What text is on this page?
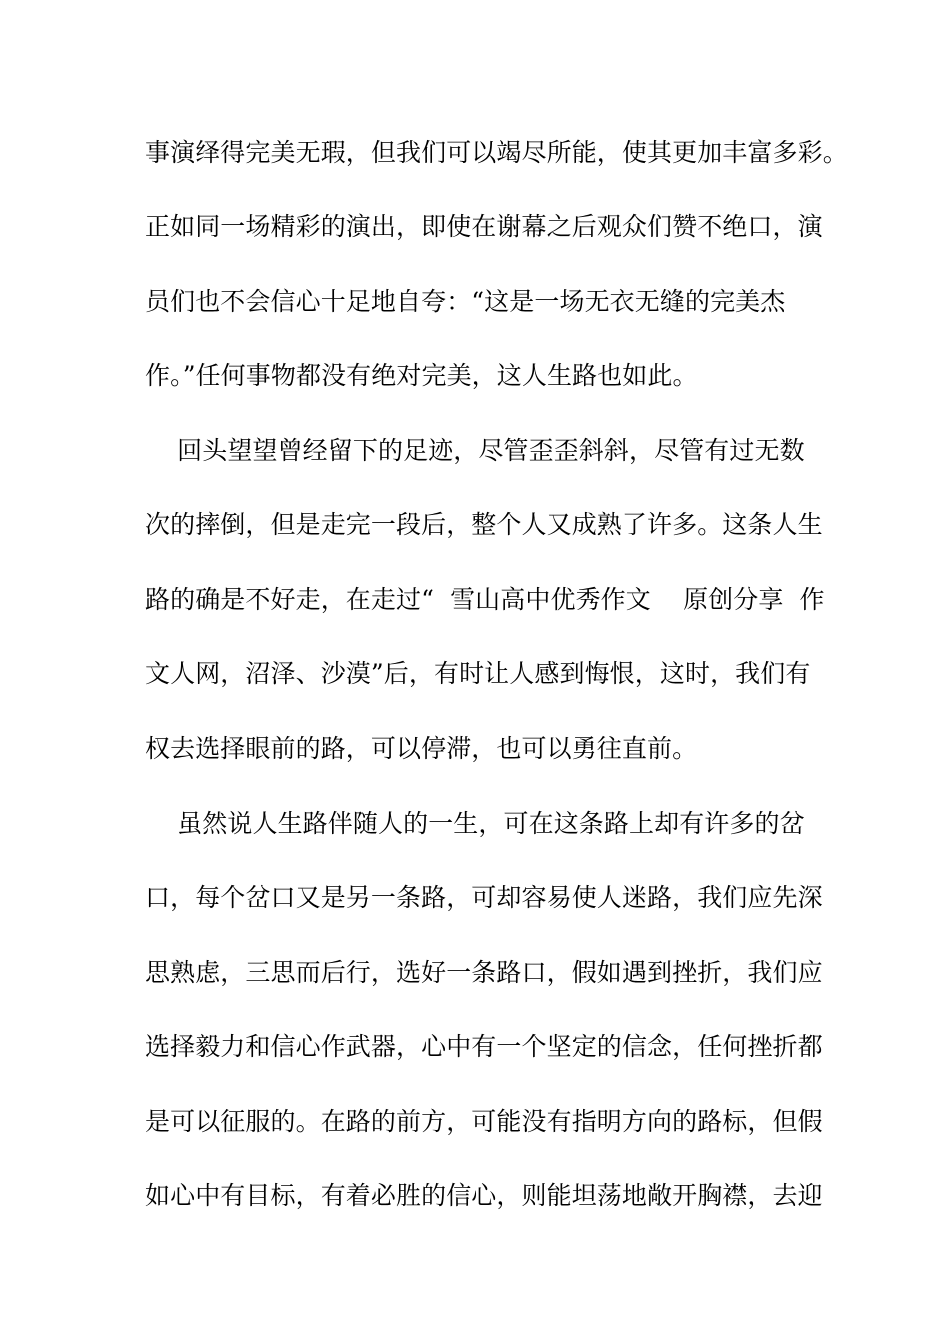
事演绎得完美无瑕，但我们可以竭尽所能，使其更加丰富多彩。
正如同一场精彩的演出，即使在谢幕之后观众们赞不绝口，演
员们也不会信心十足地自夸：“这是一场无衣无缝的完美杰
作。”任何事物都没有绝对完美，这人生路也如此。
回头望望曾经留下的足迹，尽管歪歪斜斜，尽管有过无数
次的摔倒，但是走完一段后，整个人又成熟了许多。这条人生
路的确是不好走，在走过“  雪山高中优秀作文    原创分享  作
文人网，沼泽、沙漠”后，有时让人感到悔恨，这时，我们有
权去选择眼前的路，可以停滞，也可以勇往直前。
虽然说人生路伴随人的一生，可在这条路上却有许多的岔
口，每个岔口又是另一条路，可却容易使人迷路，我们应先深
思熟虑，三思而后行，选好一条路口，假如遇到挫折，我们应
选择毅力和信心作武器，心中有一个坚定的信念，任何挫折都
是可以征服的。在路的前方，可能没有指明方向的路标，但假
如心中有目标，有着必胜的信心，则能坦荡地敞开胸襟，去迎
